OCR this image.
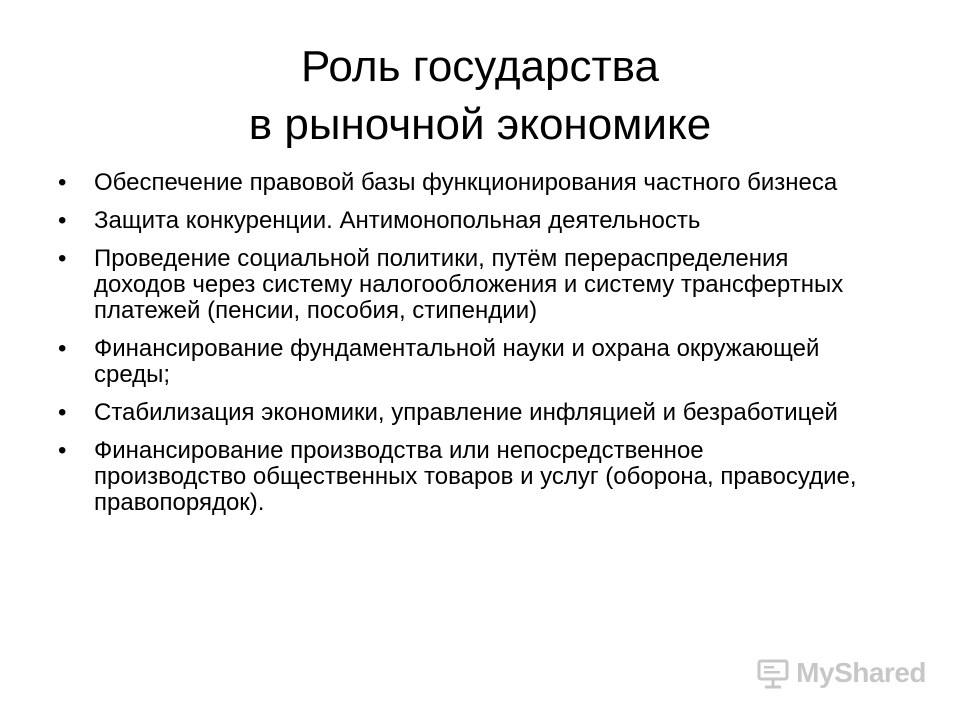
Роль государства
в рыночной экономике
• Обеспечение правовой базы функционирования частного бизнеса
• Защита конкуренции. Антимонопольная деятельность
• Проведение социальной политики, путём перераспределения доходов через систему налогообложения и систему трансфертных платежей (пенсии, пособия, стипендии)
• Финансирование фундаментальной науки и охрана окружающей среды;
• Стабилизация экономики, управление инфляцией и безработицей
• Финансирование производства или непосредственное производство общественных товаров и услуг (оборона, правосудие, правопорядок).
MyShared
